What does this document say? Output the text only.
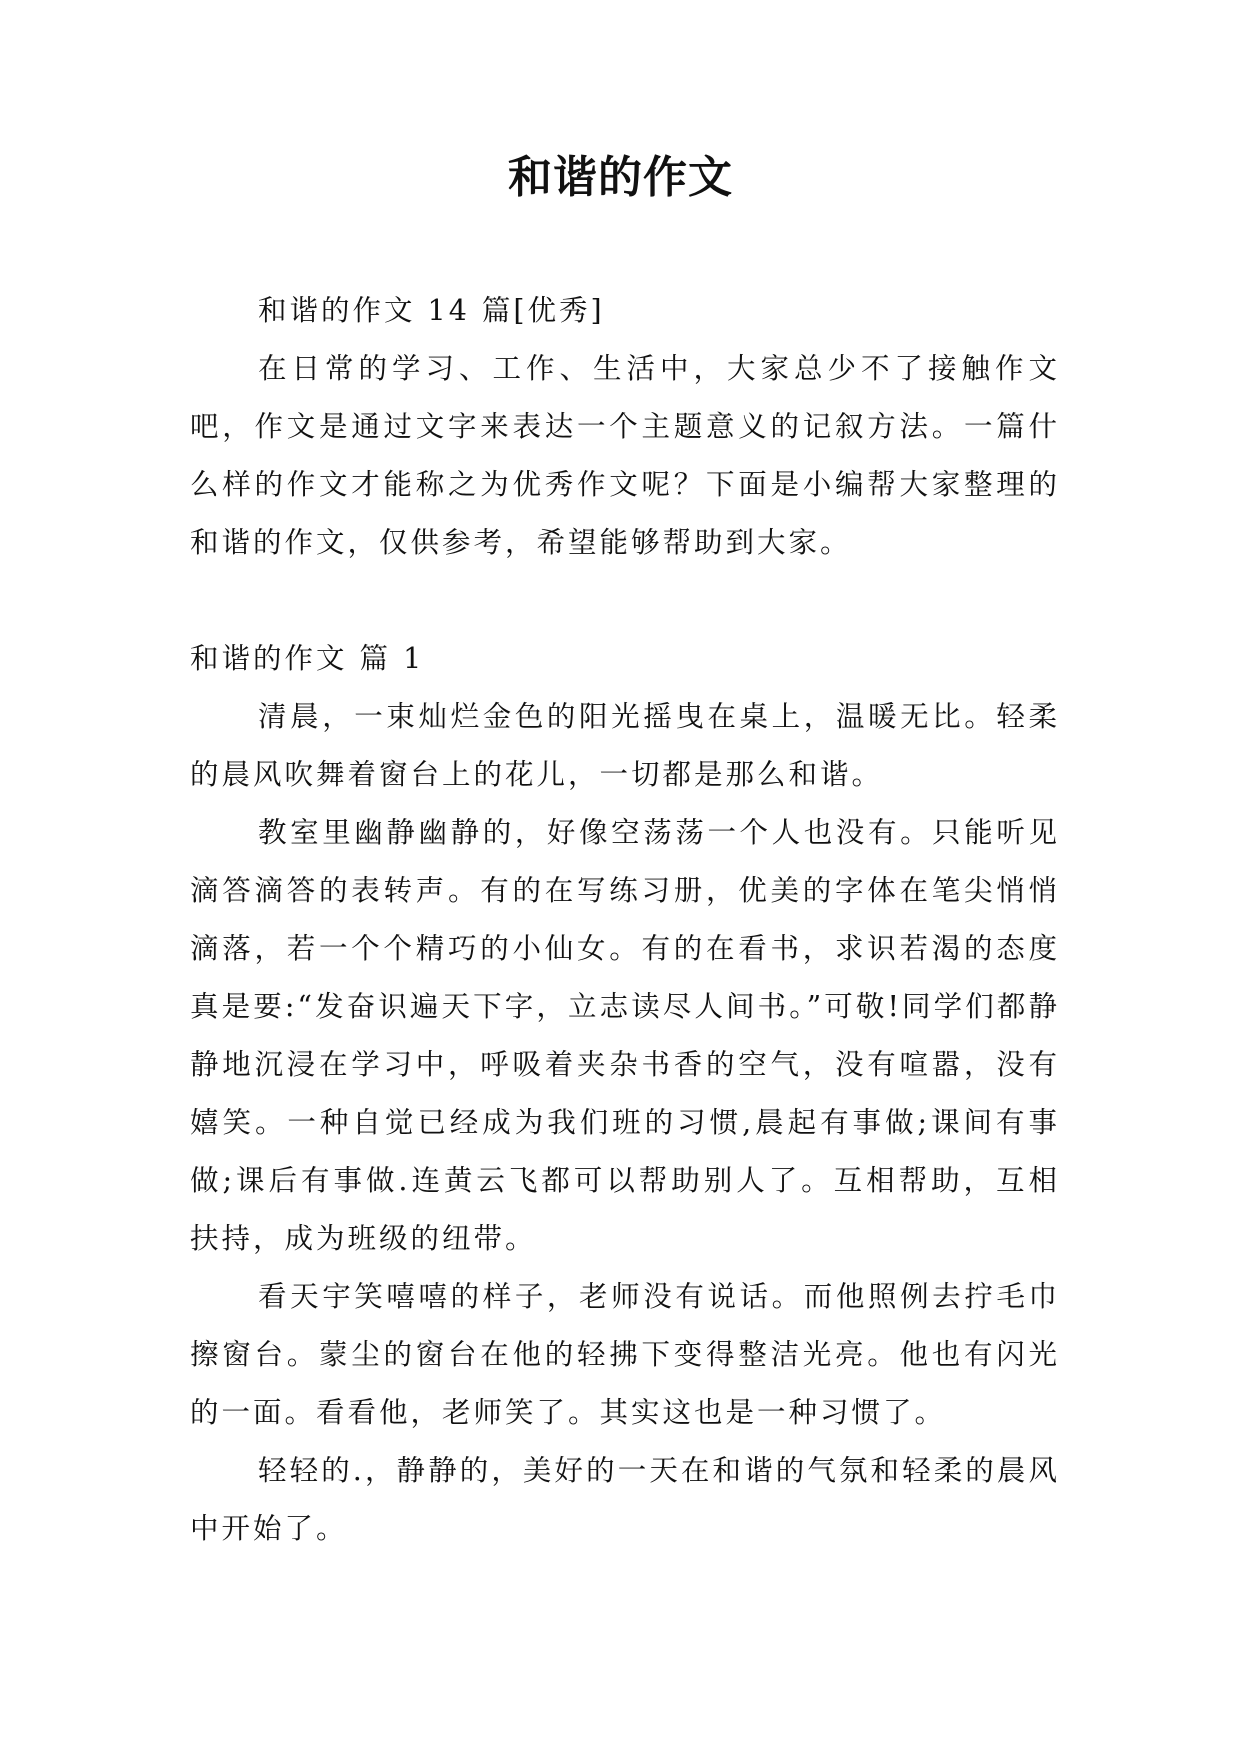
和谐的作文

和谐的作文 14 篇[优秀]

在日常的学习、工作、生活中，大家总少不了接触作文吧，作文是通过文字来表达一个主题意义的记叙方法。一篇什么样的作文才能称之为优秀作文呢？下面是小编帮大家整理的和谐的作文，仅供参考，希望能够帮助到大家。

和谐的作文 篇 1

清晨，一束灿烂金色的阳光摇曳在桌上，温暖无比。轻柔的晨风吹舞着窗台上的花儿，一切都是那么和谐。

教室里幽静幽静的，好像空荡荡一个人也没有。只能听见滴答滴答的表转声。有的在写练习册，优美的字体在笔尖悄悄滴落，若一个个精巧的小仙女。有的在看书，求识若渴的态度真是要:“发奋识遍天下字，立志读尽人间书。”可敬!同学们都静静地沉浸在学习中，呼吸着夹杂书香的空气，没有喧嚣，没有嬉笑。一种自觉已经成为我们班的习惯,晨起有事做;课间有事做;课后有事做.连黄云飞都可以帮助别人了。互相帮助，互相扶持，成为班级的纽带。

看天宇笑嘻嘻的样子，老师没有说话。而他照例去拧毛巾擦窗台。蒙尘的窗台在他的轻拂下变得整洁光亮。他也有闪光的一面。看看他，老师笑了。其实这也是一种习惯了。

轻轻的.，静静的，美好的一天在和谐的气氛和轻柔的晨风中开始了。
